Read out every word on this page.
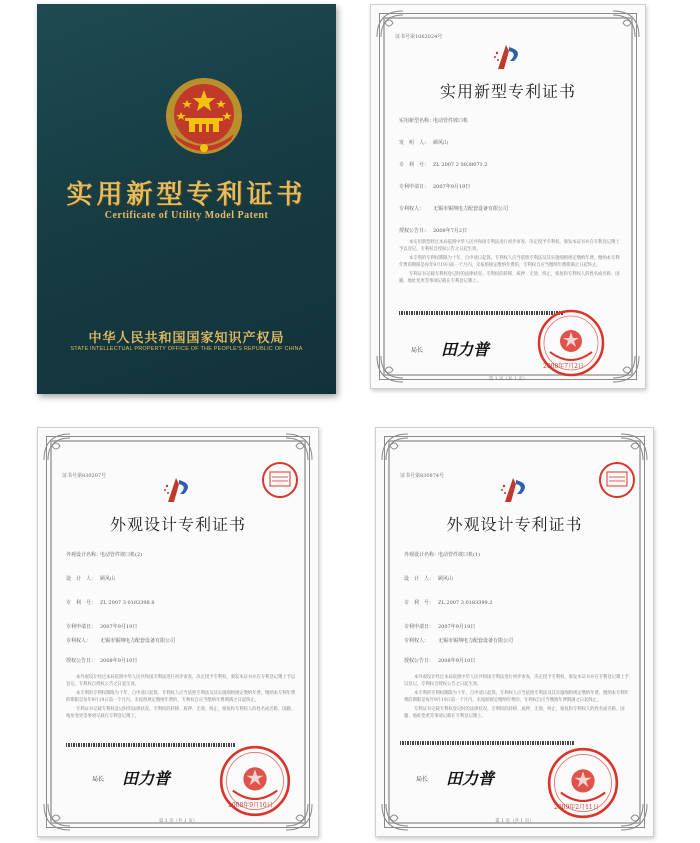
实用新型专利证书
Certificate of Utility Model Patent
中华人民共和国国家知识产权局
STATE INTELLECTUAL PROPERTY OFFICE OF THE PEOPLE'S REPUBLIC OF CHINA
证书号第1062024号
实用新型专利证书
实用新型名称：电动管件坡口机
发　明　人： 顾风山
专　利　号： ZL 2007 2 0038071.2
专利申请日： 2007年9月19日
专利权人： 无锡市锡翔电力配套设备有限公司
授权公告日： 2008年7月2日
本实用新型经过本局依照中华人民共和国专利法进行初步审查，决定授予专利权，颁发本证书并在专利登记簿上予以登记。专利权自授权公告之日起生效。
本专利的专利权期限为十年，自申请日起算。专利权人应当依照专利法及其实施细则规定缴纳年费。缴纳本专利年费的期限是每年9月19日前一个月内。未按照规定缴纳年费的，专利权自应当缴纳年费期满之日起终止。
专利证书记载专利权登记时的法律状况。专利权的转移、质押、无效、终止、恢复和专利权人的姓名或名称、国籍、地址变更等事项记载在专利登记簿上。
局长 田力普
2008年7月2日
第 1 页（共 1 页）
证书号第830207号
外观设计专利证书
外观设计名称：电动管件坡口机(2)
设　计　人： 顾风山
专　利　号： ZL 2007 3 0183398.8
专利申请日： 2007年9月19日
专利权人： 无锡市锡翔电力配套设备有限公司
授权公告日： 2008年9月10日
本外观设计经过本局依照中华人民共和国专利法进行初步审查，决定授予专利权，颁发本证书并在专利登记簿上予以登记。专利权自授权公告之日起生效。
本专利的专利权期限为十年，自申请日起算。专利权人应当依照专利法及其实施细则规定缴纳年费。缴纳本专利年费的期限是每年9月19日前一个月内。未按照规定缴纳年费的，专利权自应当缴纳年费期满之日起终止。
专利证书记载专利权登记时的法律状况。专利权的转移、质押、无效、终止、恢复和专利权人的姓名或名称、国籍、地址变更等事项记载在专利登记簿上。
局长 田力普
2008年9月10日
第 1 页（共 1 页）
证书号第830874号
外观设计专利证书
外观设计名称：电动管件坡口机(1)
设　计　人： 顾风山
专　利　号： ZL 2007 3 0183399.2
专利申请日： 2007年9月19日
专利权人： 无锡市锡翔电力配套设备有限公司
授权公告日： 2008年9月10日
本外观设计经过本局依照中华人民共和国专利法进行初步审查，决定授予专利权，颁发本证书并在专利登记簿上予以登记。专利权自授权公告之日起生效。
本专利的专利权期限为十年，自申请日起算。专利权人应当依照专利法及其实施细则规定缴纳年费。缴纳本专利年费的期限是每年9月19日前一个月内。未按照规定缴纳年费的，专利权自应当缴纳年费期满之日起终止。
专利证书记载专利权登记时的法律状况。专利权的转移、质押、无效、终止、恢复和专利权人的姓名或名称、国籍、地址变更等事项记载在专利登记簿上。
局长 田力普
2009年2月11日
第 1 页（共 1 页）
